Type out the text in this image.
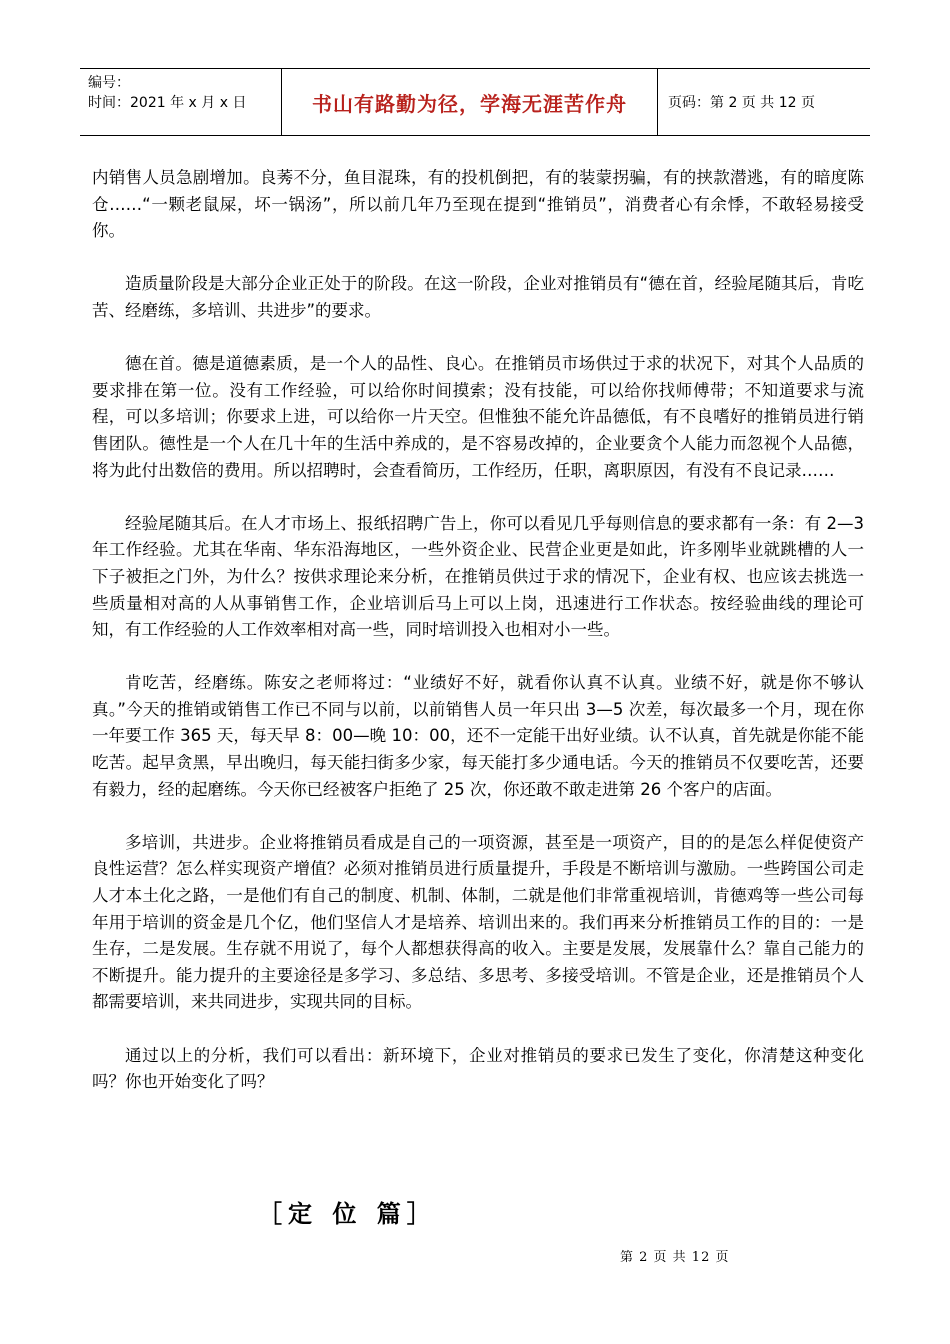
编号：
时间：2021 年 x 月 x 日	书山有路勤为径，学海无涯苦作舟	页码：第 2 页 共 12 页

内销售人员急剧增加。良莠不分，鱼目混珠，有的投机倒把，有的装蒙拐骗，有的挟款潜逃，有的暗度陈仓……“一颗老鼠屎，坏一锅汤”，所以前几年乃至现在提到“推销员”，消费者心有余悸，不敢轻易接受你。

造质量阶段是大部分企业正处于的阶段。在这一阶段，企业对推销员有“德在首，经验尾随其后，肯吃苦、经磨练，多培训、共进步”的要求。

德在首。德是道德素质，是一个人的品性、良心。在推销员市场供过于求的状况下，对其个人品质的要求排在第一位。没有工作经验，可以给你时间摸索；没有技能，可以给你找师傅带；不知道要求与流程，可以多培训；你要求上进，可以给你一片天空。但惟独不能允许品德低，有不良嗜好的推销员进行销售团队。德性是一个人在几十年的生活中养成的，是不容易改掉的，企业要贪个人能力而忽视个人品德，将为此付出数倍的费用。所以招聘时，会查看简历，工作经历，任职，离职原因，有没有不良记录……

经验尾随其后。在人才市场上、报纸招聘广告上，你可以看见几乎每则信息的要求都有一条：有 2—3 年工作经验。尤其在华南、华东沿海地区，一些外资企业、民营企业更是如此，许多刚毕业就跳槽的人一下子被拒之门外，为什么？按供求理论来分析，在推销员供过于求的情况下，企业有权、也应该去挑选一些质量相对高的人从事销售工作，企业培训后马上可以上岗，迅速进行工作状态。按经验曲线的理论可知，有工作经验的人工作效率相对高一些，同时培训投入也相对小一些。

肯吃苦，经磨练。陈安之老师将过：“业绩好不好，就看你认真不认真。业绩不好，就是你不够认真。”今天的推销或销售工作已不同与以前，以前销售人员一年只出 3—5 次差，每次最多一个月，现在你一年要工作 365 天，每天早 8：00—晚 10：00，还不一定能干出好业绩。认不认真，首先就是你能不能吃苦。起早贪黑，早出晚归，每天能扫街多少家，每天能打多少通电话。今天的推销员不仅要吃苦，还要有毅力，经的起磨练。今天你已经被客户拒绝了 25 次，你还敢不敢走进第 26 个客户的店面。

多培训，共进步。企业将推销员看成是自己的一项资源，甚至是一项资产，目的的是怎么样促使资产良性运营？怎么样实现资产增值？必须对推销员进行质量提升，手段是不断培训与激励。一些跨国公司走人才本土化之路，一是他们有自己的制度、机制、体制，二就是他们非常重视培训，肯德鸡等一些公司每年用于培训的资金是几个亿，他们坚信人才是培养、培训出来的。我们再来分析推销员工作的目的：一是生存，二是发展。生存就不用说了，每个人都想获得高的收入。主要是发展，发展靠什么？靠自己能力的不断提升。能力提升的主要途径是多学习、多总结、多思考、多接受培训。不管是企业，还是推销员个人都需要培训，来共同进步，实现共同的目标。

通过以上的分析，我们可以看出：新环境下，企业对推销员的要求已发生了变化，你清楚这种变化吗？你也开始变化了吗？

［定 位 篇］
第 2 页 共 12 页
